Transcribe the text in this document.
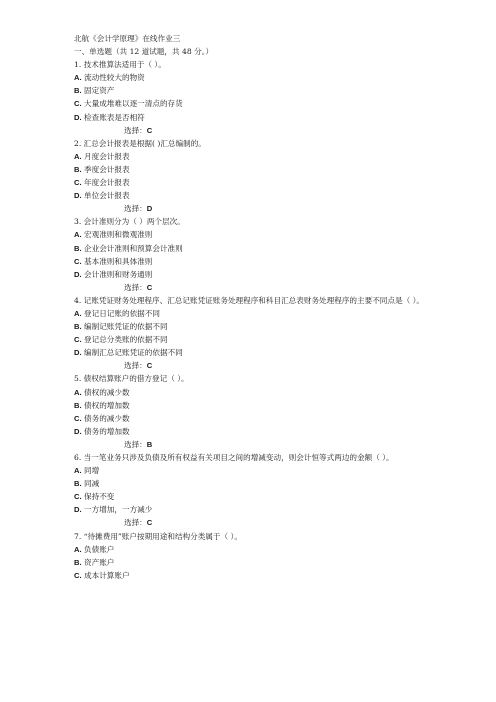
北航《会计学原理》在线作业三

一、单选题（共 12 道试题，共 48 分。）

1. 技术推算法适用于（ ）。

A. 流动性较大的物资

B. 固定资产

C. 大量成堆难以逐一清点的存货

D. 检查账表是否相符

选择：C

2. 汇总会计报表是根据( )汇总编制的。

A. 月度会计报表

B. 季度会计报表

C. 年度会计报表

D. 单位会计报表

选择：D

3. 会计准则分为（ ）两个层次。

A. 宏观准则和微观准则

B. 企业会计准则和预算会计准则

C. 基本准则和具体准则

D. 会计准则和财务通则

选择：C

4. 记账凭证财务处理程序、汇总记账凭证账务处理程序和科目汇总表财务处理程序的主要不同点是（ ）。

A. 登记日记账的依据不同

B. 编制记账凭证的依据不同

C. 登记总分类账的依据不同

D. 编制汇总记账凭证的依据不同

选择：C

5. 债权结算账户的借方登记（ ）。

A. 债权的减少数

B. 债权的增加数

C. 债务的减少数

D. 债务的增加数

选择：B

6. 当一笔业务只涉及负债及所有权益有关项目之间的增减变动，则会计恒等式两边的金额（ ）。

A. 同增

B. 同减

C. 保持不变

D. 一方增加，一方减少

选择：C

7. “待摊费用”账户按期用途和结构分类属于（ ）。

A. 负债账户

B. 资产账户

C. 成本计算账户
